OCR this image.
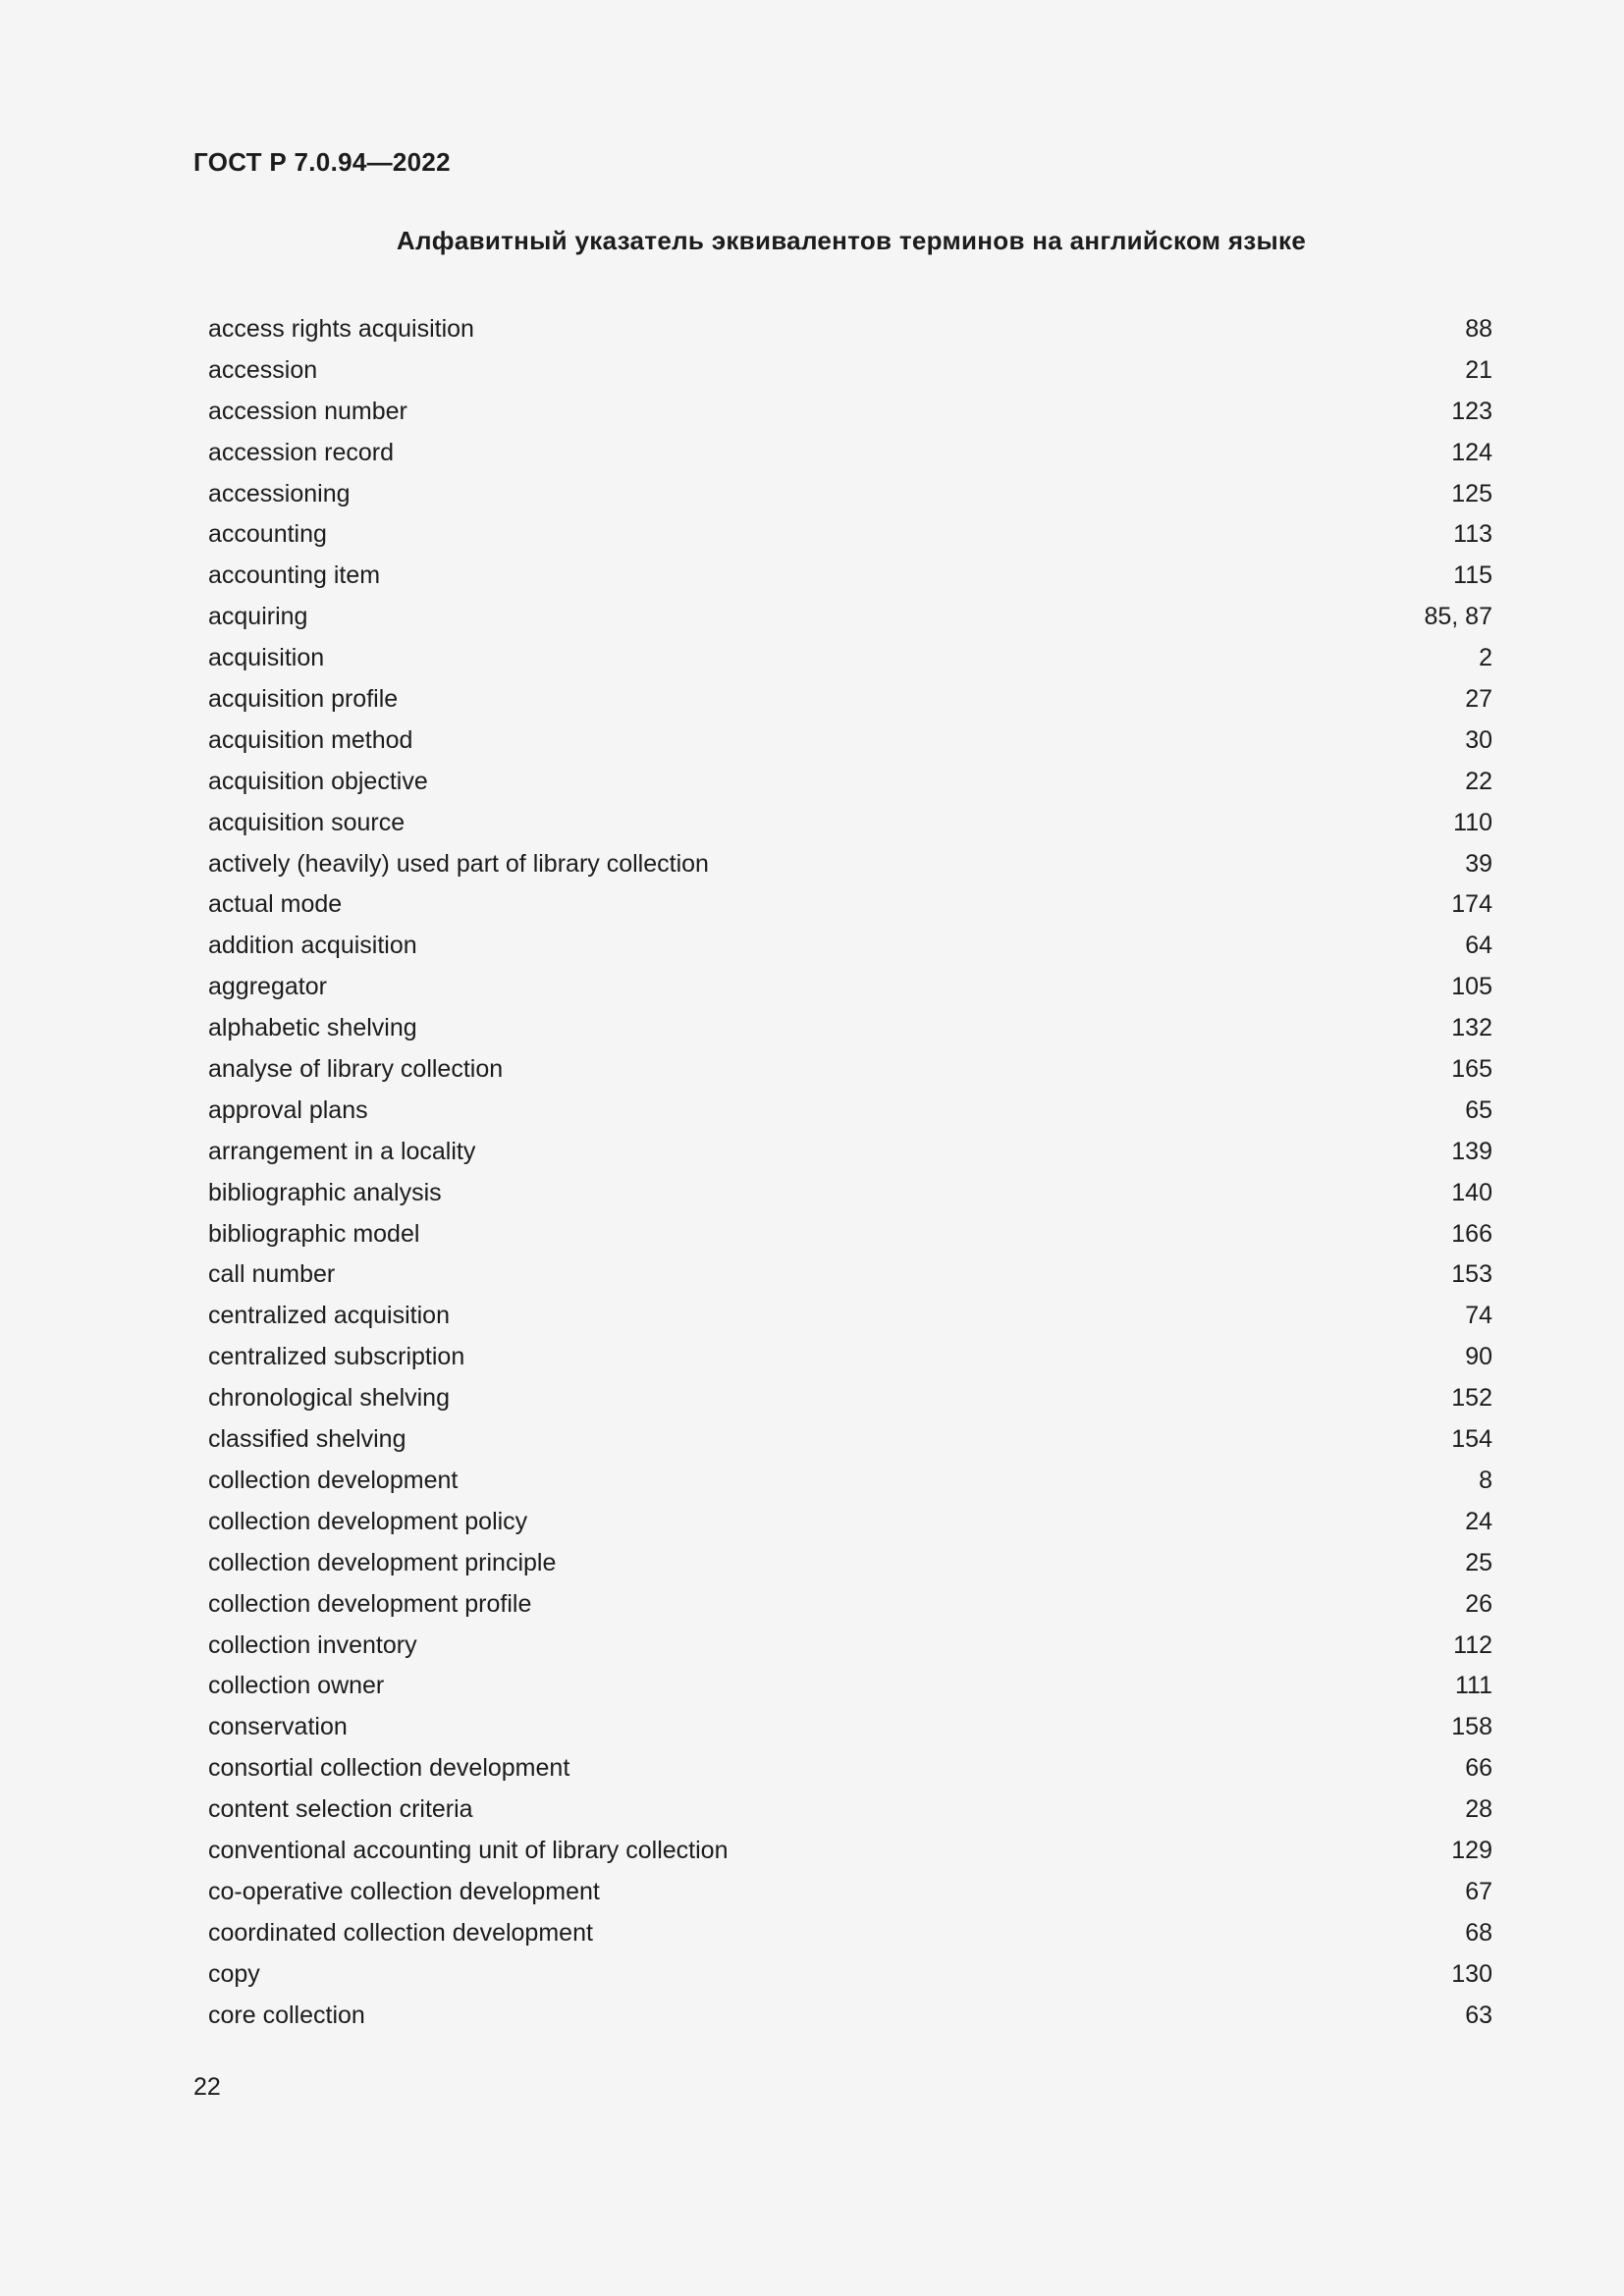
ГОСТ Р 7.0.94—2022
Алфавитный указатель эквивалентов терминов на английском языке
access rights acquisition	88
accession	21
accession number	123
accession record	124
accessioning	125
accounting	113
accounting item	115
acquiring	85, 87
acquisition	2
acquisition profile	27
acquisition method	30
acquisition objective	22
acquisition source	110
actively (heavily) used part of library collection	39
actual mode	174
addition acquisition	64
aggregator	105
alphabetic shelving	132
analyse of library collection	165
approval plans	65
arrangement in a locality	139
bibliographic analysis	140
bibliographic model	166
call number	153
centralized acquisition	74
centralized subscription	90
chronological shelving	152
classified shelving	154
collection development	8
collection development policy	24
collection development principle	25
collection development profile	26
collection inventory	112
collection owner	111
conservation	158
consortial collection development	66
content selection criteria	28
conventional accounting unit of library collection	129
co-operative collection development	67
coordinated collection development	68
copy	130
core collection	63
22
